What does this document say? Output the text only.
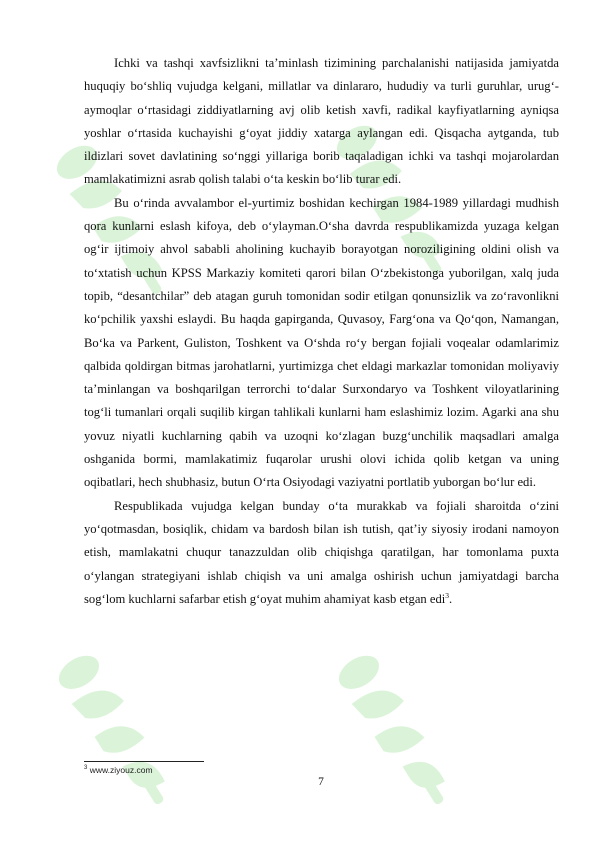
Ichki va tashqi xavfsizlikni ta’minlash tizimining parchalanishi natijasida jamiyatda huquqiy bo‘shliq vujudga kelgani, millatlar va dinlararo, hududiy va turli guruhlar, urug‘-aymoqlar o‘rtasidagi ziddiyatlarning avj olib ketish xavfi, radikal kayfiyatlarning ayniqsa yoshlar o‘rtasida kuchayishi g‘oyat jiddiy xatarga aylangan edi. Qisqacha aytganda, tub ildizlari sovet davlatining so‘nggi yillariga borib taqaladigan ichki va tashqi mojarolardan mamlakatimizni asrab qolish talabi o‘ta keskin bo‘lib turar edi.

Bu o‘rinda avvalambor el-yurtimiz boshidan kechirgan 1984-1989 yillardagi mudhish qora kunlarni eslash kifoya, deb o‘ylayman.O‘sha davrda respublikamizda yuzaga kelgan og‘ir ijtimoiy ahvol sababli aholining kuchayib borayotgan noroziligining oldini olish va to‘xtatish uchun KPSS Markaziy komiteti qarori bilan O‘zbekistonga yuborilgan, xalq juda topib, “desantchilar” deb atagan guruh tomonidan sodir etilgan qonunsizlik va zo‘ravonlikni ko‘pchilik yaxshi eslaydi. Bu haqda gapirganda, Quvasoy, Farg‘ona va Qo‘qon, Namangan, Bo‘ka va Parkent, Guliston, Toshkent va O‘shda ro‘y bergan fojiali voqealar odamlarimiz qalbida qoldirgan bitmas jarohatlarni, yurtimizga chet eldagi markazlar tomonidan moliyaviy ta’minlangan va boshqarilgan terrorchi to‘dalar Surxondaryo va Toshkent viloyatlarining tog‘li tumanlari orqali suqilib kirgan tahlikali kunlarni ham eslashimiz lozim. Agarki ana shu yovuz niyatli kuchlarning qabih va uzoqni ko‘zlagan buzg‘unchilik maqsadlari amalga oshganida bormi, mamlakatimiz fuqarolar urushi olovi ichida qolib ketgan va uning oqibatlari, hech shubhasiz, butun O‘rta Osiyodagi vaziyatni portlatib yuborgan bo‘lur edi.

Respublikada vujudga kelgan bunday o‘ta murakkab va fojiali sharoitda o‘zini yo‘qotmasdan, bosiqlik, chidam va bardosh bilan ish tutish, qat’iy siyosiy irodani namoyon etish, mamlakatni chuqur tanazzuldan olib chiqishga qaratilgan, har tomonlama puxta o‘ylangan strategiyani ishlab chiqish va uni amalga oshirish uchun jamiyatdagi barcha sog‘lom kuchlarni safarbar etish g‘oyat muhim ahamiyat kasb etgan edi$^3$.

$^3$ www.ziyouz.com
7
